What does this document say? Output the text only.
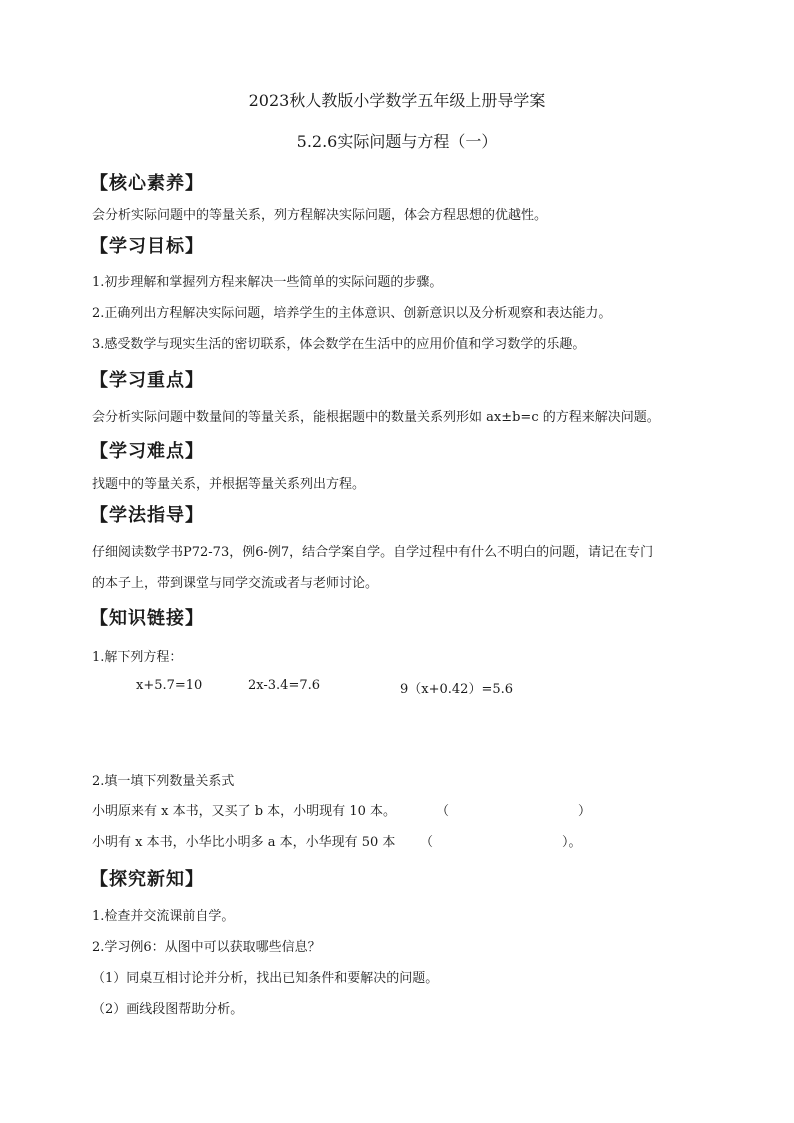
2023秋人教版小学数学五年级上册导学案
5.2.6实际问题与方程（一）
【核心素养】
会分析实际问题中的等量关系，列方程解决实际问题，体会方程思想的优越性。
【学习目标】
1.初步理解和掌握列方程来解决一些简单的实际问题的步骤。
2.正确列出方程解决实际问题，培养学生的主体意识、创新意识以及分析观察和表达能力。
3.感受数学与现实生活的密切联系，体会数学在生活中的应用价值和学习数学的乐趣。
【学习重点】
会分析实际问题中数量间的等量关系，能根据题中的数量关系列形如 ax±b=c 的方程来解决问题。
【学习难点】
找题中的等量关系，并根据等量关系列出方程。
【学法指导】
仔细阅读数学书P72-73，例6-例7，结合学案自学。自学过程中有什么不明白的问题，请记在专门
的本子上，带到课堂与同学交流或者与老师讨论。
【知识链接】
1.解下列方程：
x+5.7=10	2x-3.4=7.6	9（x+0.42）=5.6
2.填一填下列数量关系式
小明原来有 x 本书，又买了 b 本，小明现有 10 本。	（	）
小明有 x 本书，小华比小明多 a 本，小华现有 50 本 （	）。
【探究新知】
1.检查并交流课前自学。
2.学习例6：从图中可以获取哪些信息？
（1）同桌互相讨论并分析，找出已知条件和要解决的问题。
（2）画线段图帮助分析。
